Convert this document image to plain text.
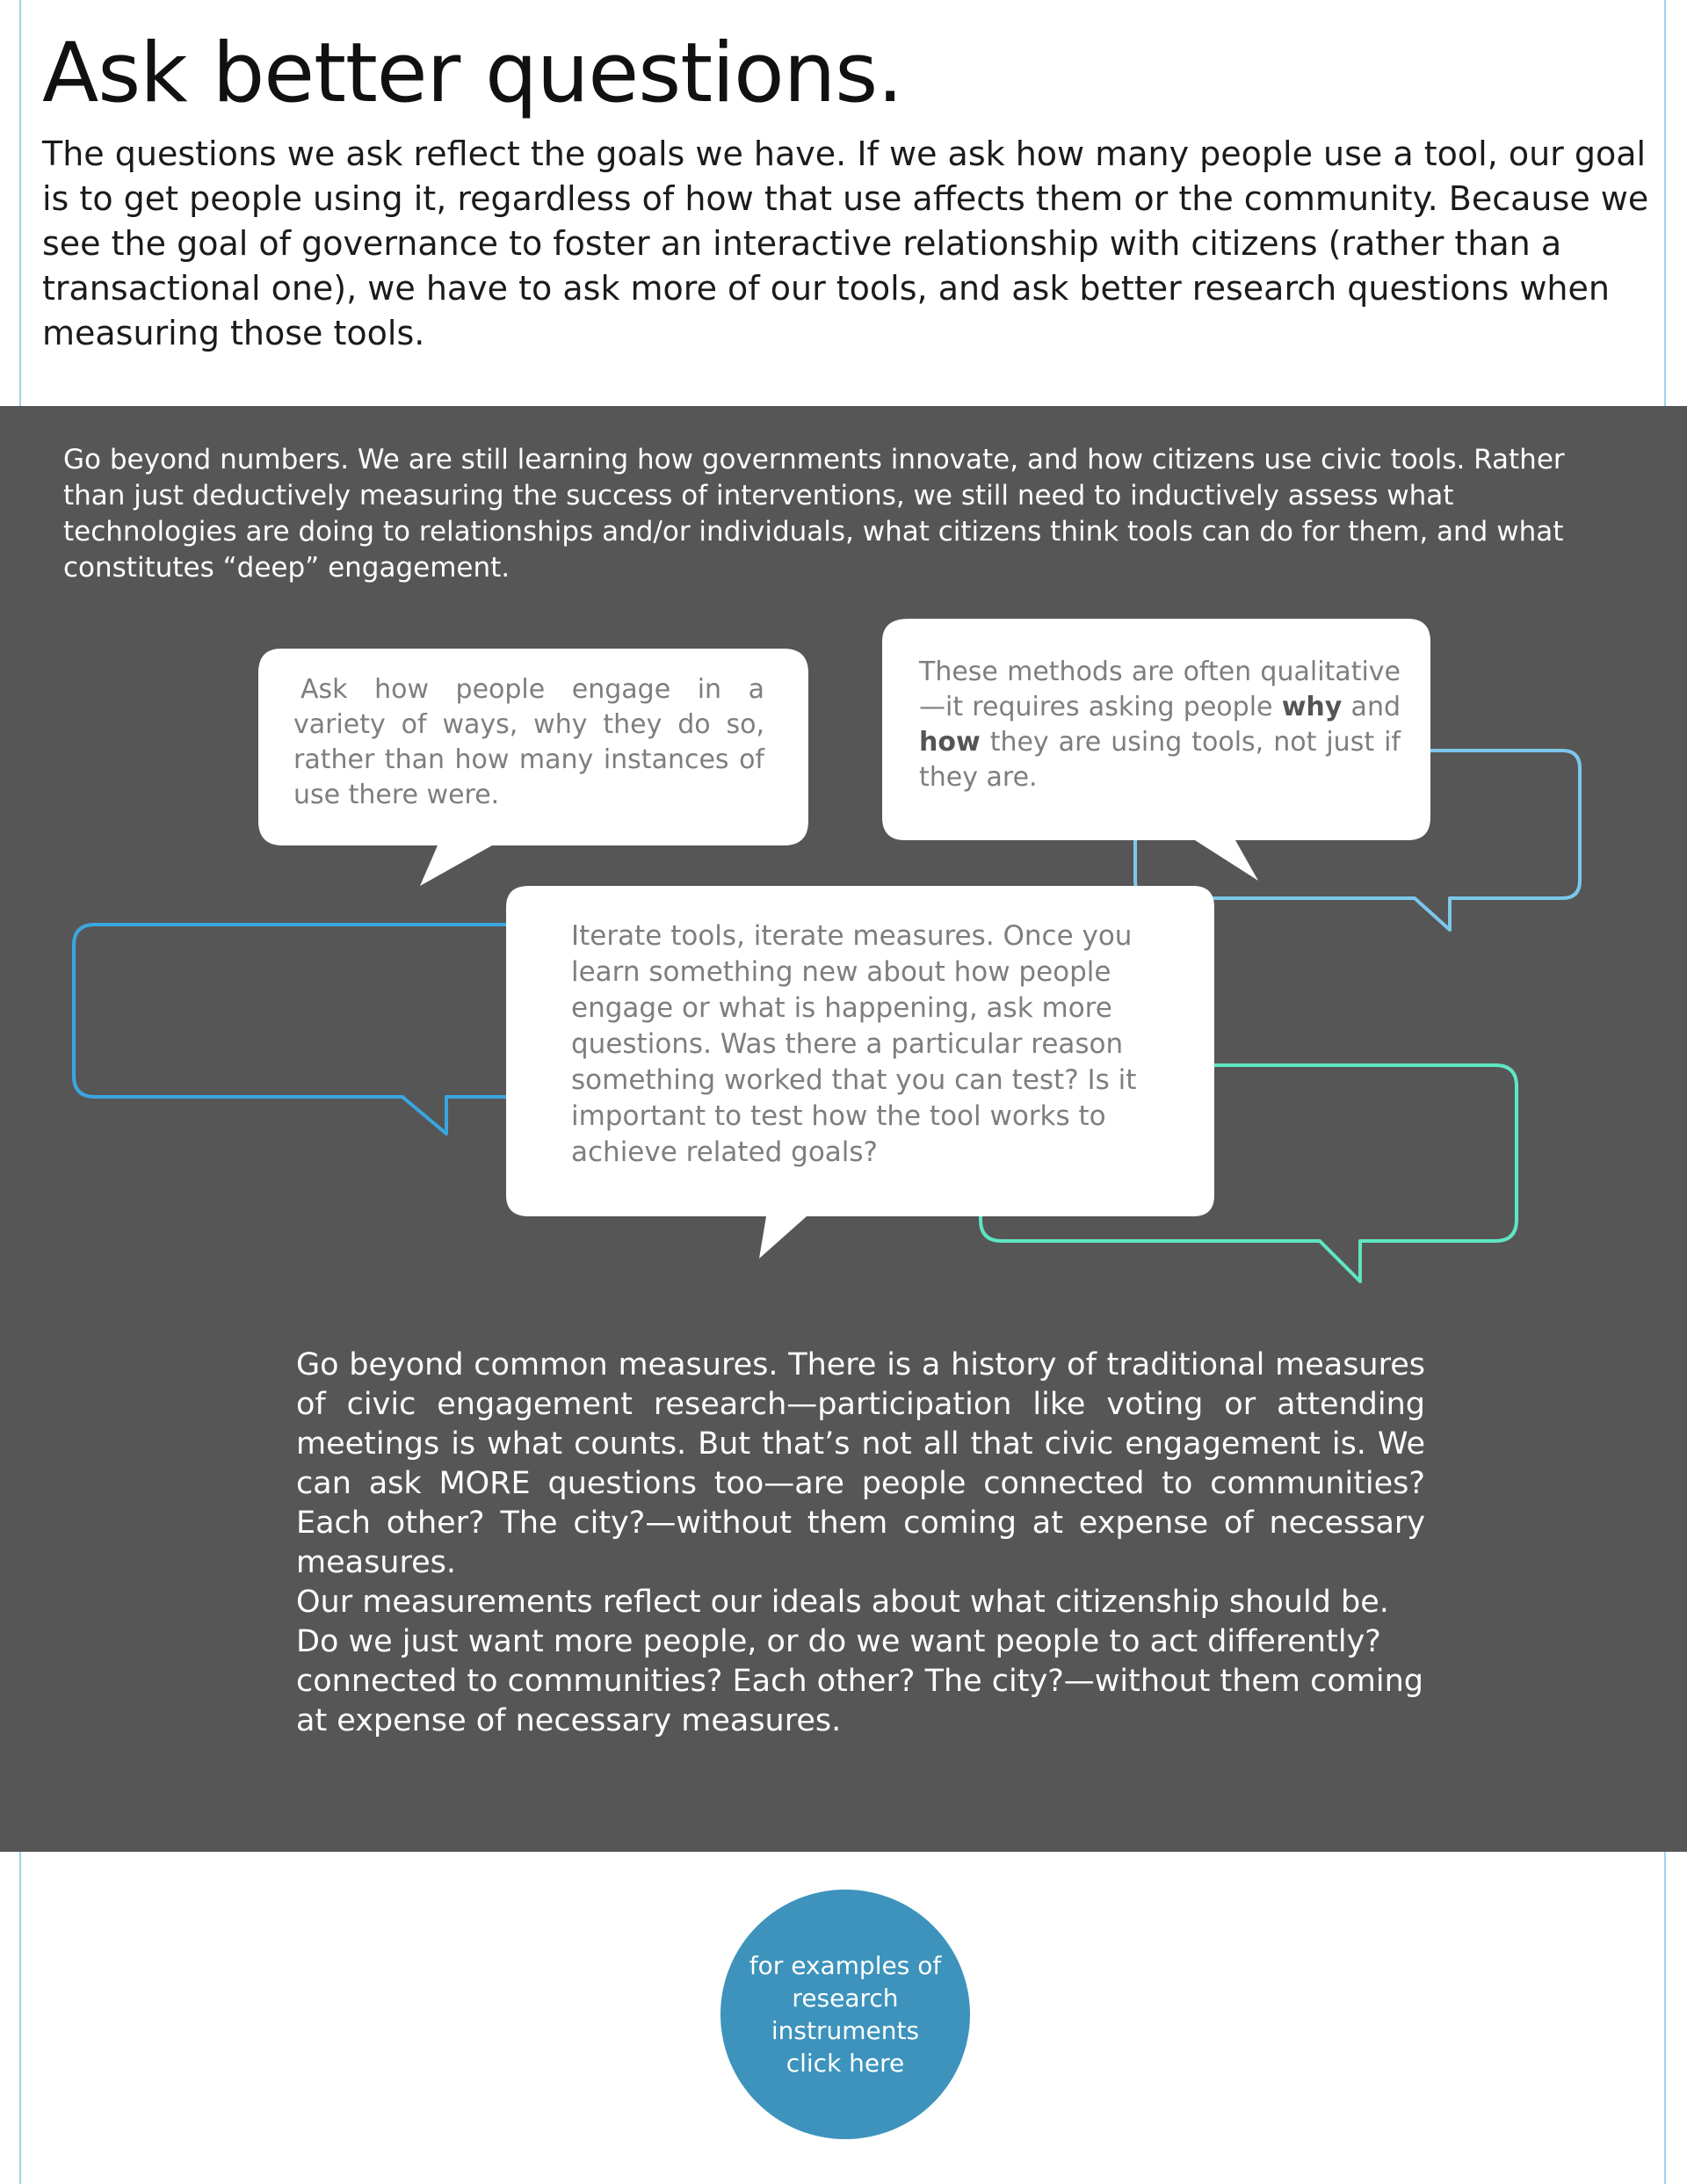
Ask better questions.

The questions we ask reflect the goals we have. If we ask how many people use a tool, our goal is to get people using it, regardless of how that use affects them or the community. Because we see the goal of governance to foster an interactive relationship with citizens (rather than a transactional one), we have to ask more of our tools, and ask better research questions when measuring those tools.

Go beyond numbers. We are still learning how governments innovate, and how citizens use civic tools. Rather than just deductively measuring the success of interventions, we still need to inductively assess what technologies are doing to relationships and/or individuals, what citizens think tools can do for them, and what constitutes “deep” engagement.

Ask how people engage in a variety of ways, why they do so, rather than how many instances of use there were.

These methods are often qualitative—it requires asking people why and how they are using tools, not just if they are.

Iterate tools, iterate measures. Once you learn something new about how people engage or what is happening, ask more questions. Was there a particular reason something worked that you can test? Is it important to test how the tool works to achieve related goals?

Go beyond common measures. There is a history of traditional measures of civic engagement research—participation like voting or attending meetings is what counts. But that’s not all that civic engagement is. We can ask MORE questions too—are people connected to communities? Each other? The city?—without them coming at expense of necessary measures.

Our measurements reflect our ideals about what citizenship should be. Do we just want more people, or do we want people to act differently? connected to communities? Each other? The city?—without them coming at expense of necessary measures.

for examples of research instruments click here
